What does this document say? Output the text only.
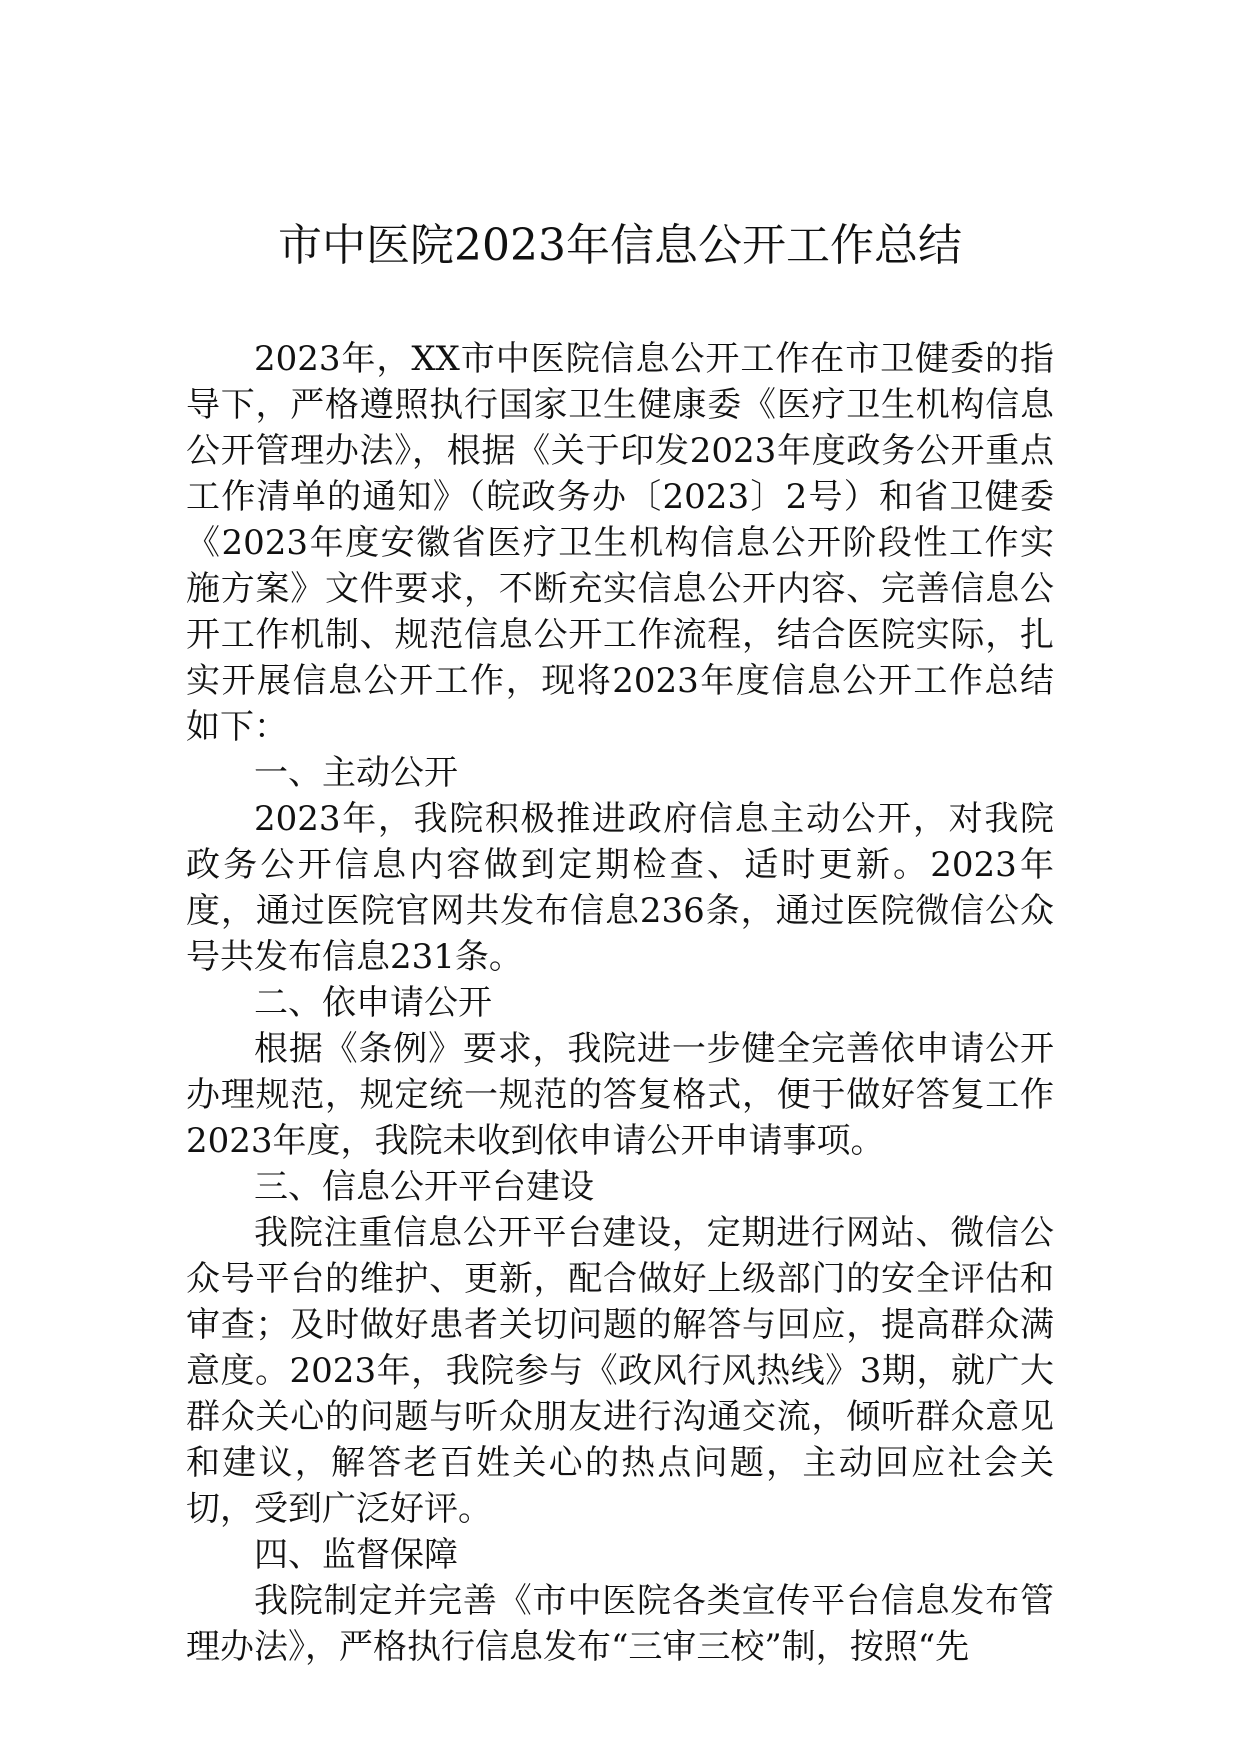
市中医院2023年信息公开工作总结

2023年，XX市中医院信息公开工作在市卫健委的指导下，严格遵照执行国家卫生健康委《医疗卫生机构信息公开管理办法》，根据《关于印发2023年度政务公开重点工作清单的通知》（皖政务办〔2023〕2号）和省卫健委《2023年度安徽省医疗卫生机构信息公开阶段性工作实施方案》文件要求，不断充实信息公开内容、完善信息公开工作机制、规范信息公开工作流程，结合医院实际，扎实开展信息公开工作，现将2023年度信息公开工作总结如下：

一、主动公开

2023年，我院积极推进政府信息主动公开，对我院政务公开信息内容做到定期检查、适时更新。2023年度，通过医院官网共发布信息236条，通过医院微信公众号共发布信息231条。

二、依申请公开

根据《条例》要求，我院进一步健全完善依申请公开办理规范，规定统一规范的答复格式，便于做好答复工作2023年度，我院未收到依申请公开申请事项。

三、信息公开平台建设

我院注重信息公开平台建设，定期进行网站、微信公众号平台的维护、更新，配合做好上级部门的安全评估和审查；及时做好患者关切问题的解答与回应，提高群众满意度。2023年，我院参与《政风行风热线》3期，就广大群众关心的问题与听众朋友进行沟通交流，倾听群众意见和建议，解答老百姓关心的热点问题，主动回应社会关切，受到广泛好评。

四、监督保障

我院制定并完善《市中医院各类宣传平台信息发布管理办法》，严格执行信息发布“三审三校”制，按照“先
